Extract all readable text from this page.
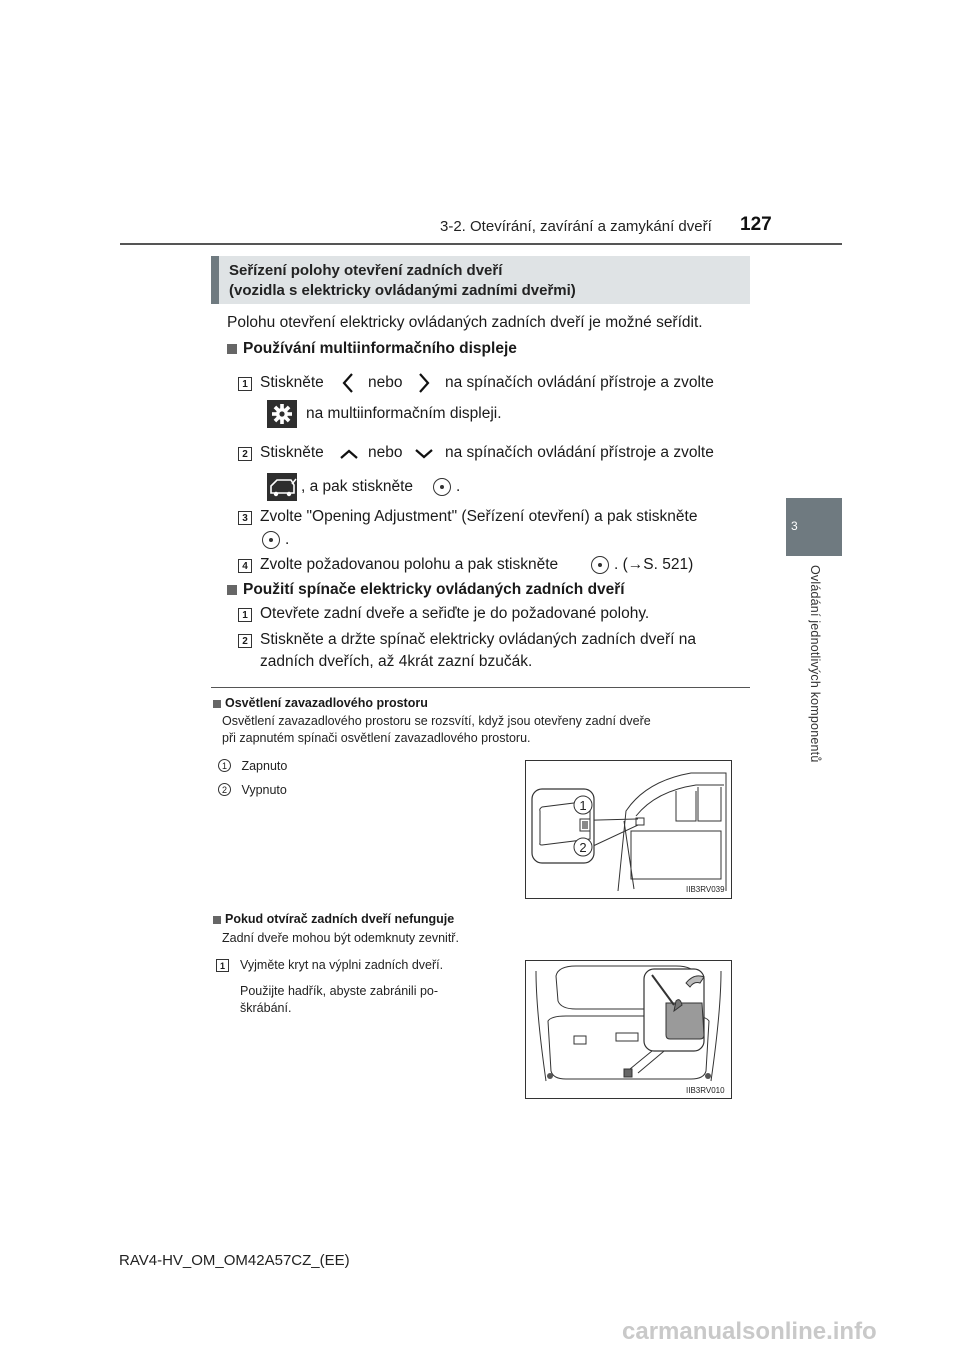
3-2. Otevírání, zavírání a zamykání dveří 127
3
Ovládání jednotlivých komponentů
Seřízení polohy otevření zadních dveří
(vozidla s elektricky ovládanými zadními dveřmi)
Polohu otevření elektricky ovládaných zadních dveří je možné seřídit.
Používání multiinformačního displeje
1 Stiskněte	nebo	na spínačích ovládání přístroje a zvolte
na multiinformačním displeji.
2 Stiskněte	nebo	na spínačích ovládání přístroje a zvolte
, a pak stiskněte	.
3 Zvolte "Opening Adjustment" (Seřízení otevření) a pak stiskněte
.
4 Zvolte požadovanou polohu a pak stiskněte	. (→S. 521)
Použití spínače elektricky ovládaných zadních dveří
1 Otevřete zadní dveře a seřiďte je do požadované polohy.
2 Stiskněte a držte spínač elektricky ovládaných zadních dveří na
zadních dveřích, až 4krát zazní bzučák.
Osvětlení zavazadlového prostoru
Osvětlení zavazadlového prostoru se rozsvítí, když jsou otevřeny zadní dveře
při zapnutém spínači osvětlení zavazadlového prostoru.
1 Zapnuto
2 Vypnuto
1
2
IIB3RV039
Pokud otvírač zadních dveří nefunguje
Zadní dveře mohou být odemknuty zevnitř.
1	Vyjměte kryt na výplni zadních dveří.
Použijte hadřík, abyste zabránili po-
škrábání.
IIB3RV010
RAV4-HV_OM_OM42A57CZ_(EE)
carmanualsonline.info
